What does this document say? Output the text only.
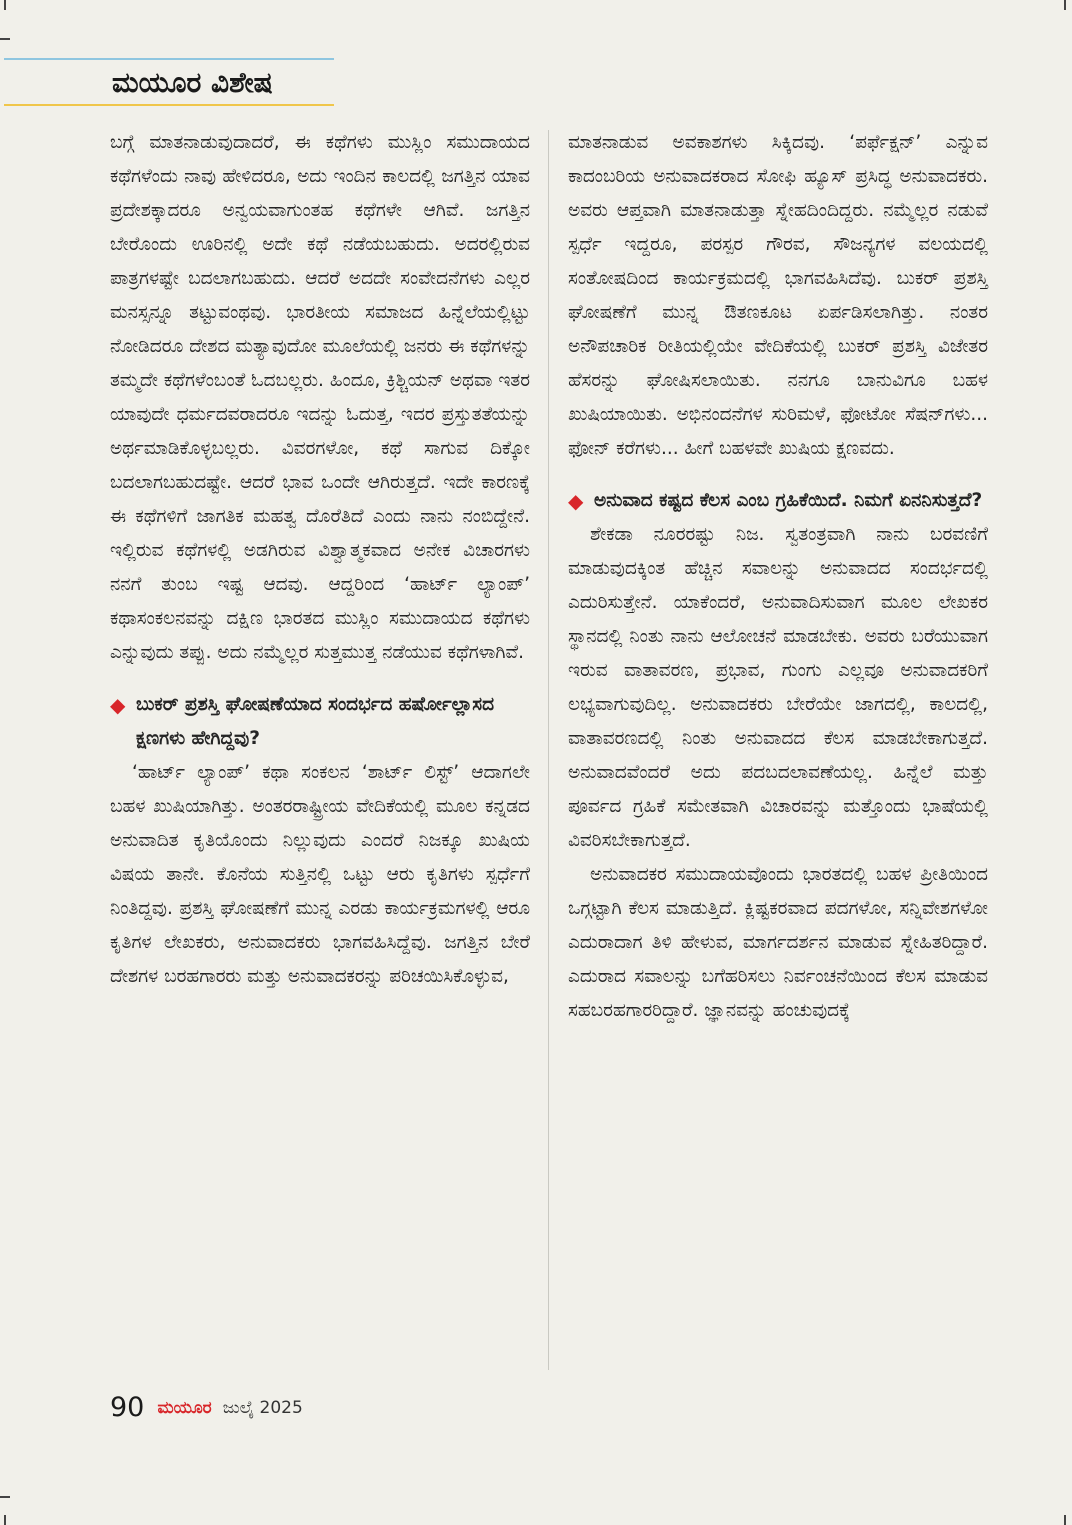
ಮಯೂರ ವಿಶೇಷ

ಬಗ್ಗೆ ಮಾತನಾಡುವುದಾದರೆ, ಈ ಕಥೆಗಳು ಮುಸ್ಲಿಂ ಸಮುದಾಯದ ಕಥೆಗಳೆಂದು ನಾವು ಹೇಳಿದರೂ, ಅದು ಇಂದಿನ ಕಾಲದಲ್ಲಿ ಜಗತ್ತಿನ ಯಾವ ಪ್ರದೇಶಕ್ಕಾದರೂ ಅನ್ವಯವಾಗುಂತಹ ಕಥೆಗಳೇ ಆಗಿವೆ. ಜಗತ್ತಿನ ಬೇರೊಂದು ಊರಿನಲ್ಲಿ ಅದೇ ಕಥೆ ನಡೆಯಬಹುದು. ಅದರಲ್ಲಿರುವ ಪಾತ್ರಗಳಷ್ಟೇ ಬದಲಾಗಬಹುದು. ಆದರೆ ಅದದೇ ಸಂವೇದನೆಗಳು ಎಲ್ಲರ ಮನಸ್ಸನ್ನೂ ತಟ್ಟುವಂಥವು. ಭಾರತೀಯ ಸಮಾಜದ ಹಿನ್ನೆಲೆಯಲ್ಲಿಟ್ಟು ನೋಡಿದರೂ ದೇಶದ ಮತ್ಯಾವುದೋ ಮೂಲೆಯಲ್ಲಿ ಜನರು ಈ ಕಥೆಗಳನ್ನು ತಮ್ಮದೇ ಕಥೆಗಳೆಂಬಂತೆ ಓದಬಲ್ಲರು. ಹಿಂದೂ, ಕ್ರಿಶ್ಚಿಯನ್ ಅಥವಾ ಇತರ ಯಾವುದೇ ಧರ್ಮದವರಾದರೂ ಇದನ್ನು ಓದುತ್ತ, ಇದರ ಪ್ರಸ್ತುತತೆಯನ್ನು ಅರ್ಥಮಾಡಿಕೊಳ್ಳಬಲ್ಲರು. ವಿವರಗಳೋ, ಕಥೆ ಸಾಗುವ ದಿಕ್ಕೋ ಬದಲಾಗಬಹುದಷ್ಟೇ. ಆದರೆ ಭಾವ ಒಂದೇ ಆಗಿರುತ್ತದೆ. ಇದೇ ಕಾರಣಕ್ಕೆ ಈ ಕಥೆಗಳಿಗೆ ಜಾಗತಿಕ ಮಹತ್ವ ದೊರೆತಿದೆ ಎಂದು ನಾನು ನಂಬಿದ್ದೇನೆ. ಇಲ್ಲಿರುವ ಕಥೆಗಳಲ್ಲಿ ಅಡಗಿರುವ ವಿಶ್ವಾತ್ಮಕವಾದ ಅನೇಕ ವಿಚಾರಗಳು ನನಗೆ ತುಂಬ ಇಷ್ಟ ಆದವು. ಆದ್ದರಿಂದ ‘ಹಾರ್ಟ್ ಲ್ಯಾಂಪ್’ ಕಥಾಸಂಕಲನವನ್ನು ದಕ್ಷಿಣ ಭಾರತದ ಮುಸ್ಲಿಂ ಸಮುದಾಯದ ಕಥೆಗಳು ಎನ್ನುವುದು ತಪ್ಪು. ಅದು ನಮ್ಮೆಲ್ಲರ ಸುತ್ತಮುತ್ತ ನಡೆಯುವ ಕಥೆಗಳಾಗಿವೆ.

◆ ಬುಕರ್ ಪ್ರಶಸ್ತಿ ಘೋಷಣೆಯಾದ ಸಂದರ್ಭದ ಹರ್ಷೋಲ್ಲಾಸದ ಕ್ಷಣಗಳು ಹೇಗಿದ್ದವು?

‘ಹಾರ್ಟ್ ಲ್ಯಾಂಪ್’ ಕಥಾ ಸಂಕಲನ ‘ಶಾರ್ಟ್ ಲಿಸ್ಟ್’ ಆದಾಗಲೇ ಬಹಳ ಖುಷಿಯಾಗಿತ್ತು. ಅಂತರರಾಷ್ಟ್ರೀಯ ವೇದಿಕೆಯಲ್ಲಿ ಮೂಲ ಕನ್ನಡದ ಅನುವಾದಿತ ಕೃತಿಯೊಂದು ನಿಲ್ಲುವುದು ಎಂದರೆ ನಿಜಕ್ಕೂ ಖುಷಿಯ ವಿಷಯ ತಾನೇ. ಕೊನೆಯ ಸುತ್ತಿನಲ್ಲಿ ಒಟ್ಟು ಆರು ಕೃತಿಗಳು ಸ್ಪರ್ಧೆಗೆ ನಿಂತಿದ್ದವು. ಪ್ರಶಸ್ತಿ ಘೋಷಣೆಗೆ ಮುನ್ನ ಎರಡು ಕಾರ್ಯಕ್ರಮಗಳಲ್ಲಿ ಆರೂ ಕೃತಿಗಳ ಲೇಖಕರು, ಅನುವಾದಕರು ಭಾಗವಹಿಸಿದ್ದೆವು. ಜಗತ್ತಿನ ಬೇರೆ ದೇಶಗಳ ಬರಹಗಾರರು ಮತ್ತು ಅನುವಾದಕರನ್ನು ಪರಿಚಯಿಸಿಕೊಳ್ಳುವ,

ಮಾತನಾಡುವ ಅವಕಾಶಗಳು ಸಿಕ್ಕಿದವು. ‘ಪರ್ಫೆಕ್ಷನ್’ ಎನ್ನುವ ಕಾದಂಬರಿಯ ಅನುವಾದಕರಾದ ಸೋಫಿ ಹ್ಯೂಸ್ ಪ್ರಸಿದ್ಧ ಅನುವಾದಕರು. ಅವರು ಆಪ್ತವಾಗಿ ಮಾತನಾಡುತ್ತಾ ಸ್ನೇಹದಿಂದಿದ್ದರು. ನಮ್ಮೆಲ್ಲರ ನಡುವೆ ಸ್ಪರ್ಧೆ ಇದ್ದರೂ, ಪರಸ್ಪರ ಗೌರವ, ಸೌಜನ್ಯಗಳ ವಲಯದಲ್ಲಿ ಸಂತೋಷದಿಂದ ಕಾರ್ಯಕ್ರಮದಲ್ಲಿ ಭಾಗವಹಿಸಿದೆವು. ಬುಕರ್ ಪ್ರಶಸ್ತಿ ಘೋಷಣೆಗೆ ಮುನ್ನ ಔತಣಕೂಟ ಏರ್ಪಡಿಸಲಾಗಿತ್ತು. ನಂತರ ಅನೌಪಚಾರಿಕ ರೀತಿಯಲ್ಲಿಯೇ ವೇದಿಕೆಯಲ್ಲಿ ಬುಕರ್ ಪ್ರಶಸ್ತಿ ವಿಜೇತರ ಹೆಸರನ್ನು ಘೋಷಿಸಲಾಯಿತು. ನನಗೂ ಬಾನುವಿಗೂ ಬಹಳ ಖುಷಿಯಾಯಿತು. ಅಭಿನಂದನೆಗಳ ಸುರಿಮಳೆ, ಫೋಟೋ ಸೆಷನ್‌ಗಳು... ಫೋನ್ ಕರೆಗಳು... ಹೀಗೆ ಬಹಳವೇ ಖುಷಿಯ ಕ್ಷಣವದು.

◆ ಅನುವಾದ ಕಷ್ಟದ ಕೆಲಸ ಎಂಬ ಗ್ರಹಿಕೆಯಿದೆ. ನಿಮಗೆ ಏನನಿಸುತ್ತದೆ?

ಶೇಕಡಾ ನೂರರಷ್ಟು ನಿಜ. ಸ್ವತಂತ್ರವಾಗಿ ನಾನು ಬರವಣಿಗೆ ಮಾಡುವುದಕ್ಕಿಂತ ಹೆಚ್ಚಿನ ಸವಾಲನ್ನು ಅನುವಾದದ ಸಂದರ್ಭದಲ್ಲಿ ಎದುರಿಸುತ್ತೇನೆ. ಯಾಕೆಂದರೆ, ಅನುವಾದಿಸುವಾಗ ಮೂಲ ಲೇಖಕರ ಸ್ಥಾನದಲ್ಲಿ ನಿಂತು ನಾನು ಆಲೋಚನೆ ಮಾಡಬೇಕು. ಅವರು ಬರೆಯುವಾಗ ಇರುವ ವಾತಾವರಣ, ಪ್ರಭಾವ, ಗುಂಗು ಎಲ್ಲವೂ ಅನುವಾದಕರಿಗೆ ಲಭ್ಯವಾಗುವುದಿಲ್ಲ. ಅನುವಾದಕರು ಬೇರೆಯೇ ಜಾಗದಲ್ಲಿ, ಕಾಲದಲ್ಲಿ, ವಾತಾವರಣದಲ್ಲಿ ನಿಂತು ಅನುವಾದದ ಕೆಲಸ ಮಾಡಬೇಕಾಗುತ್ತದೆ. ಅನುವಾದವೆಂದರೆ ಅದು ಪದಬದಲಾವಣೆಯಲ್ಲ. ಹಿನ್ನೆಲೆ ಮತ್ತು ಪೂರ್ವದ ಗ್ರಹಿಕೆ ಸಮೇತವಾಗಿ ವಿಚಾರವನ್ನು ಮತ್ತೊಂದು ಭಾಷೆಯಲ್ಲಿ ವಿವರಿಸಬೇಕಾಗುತ್ತದೆ.

ಅನುವಾದಕರ ಸಮುದಾಯವೊಂದು ಭಾರತದಲ್ಲಿ ಬಹಳ ಪ್ರೀತಿಯಿಂದ ಒಗ್ಗಟ್ಟಾಗಿ ಕೆಲಸ ಮಾಡುತ್ತಿದೆ. ಕ್ಲಿಷ್ಟಕರವಾದ ಪದಗಳೋ, ಸನ್ನಿವೇಶಗಳೋ ಎದುರಾದಾಗ ತಿಳಿ ಹೇಳುವ, ಮಾರ್ಗದರ್ಶನ ಮಾಡುವ ಸ್ನೇಹಿತರಿದ್ದಾರೆ. ಎದುರಾದ ಸವಾಲನ್ನು ಬಗೆಹರಿಸಲು ನಿರ್ವಂಚನೆಯಿಂದ ಕೆಲಸ ಮಾಡುವ ಸಹಬರಹಗಾರರಿದ್ದಾರೆ. ಜ್ಞಾನವನ್ನು ಹಂಚುವುದಕ್ಕೆ

90 ಮಯೂರ ಜುಲೈ 2025
